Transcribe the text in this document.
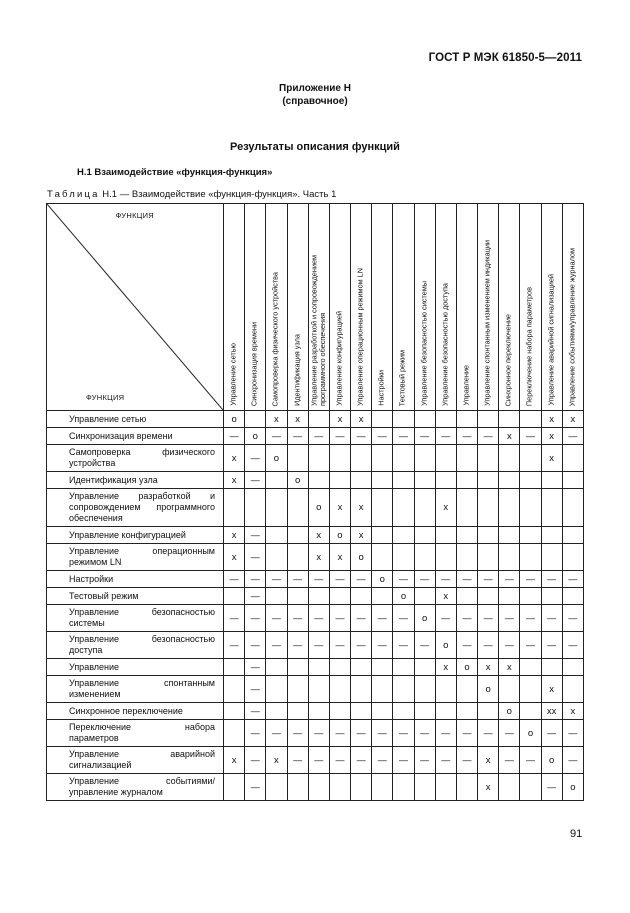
ГОСТ Р МЭК 61850-5—2011
Приложение Н
(справочное)
Результаты описания функций
Н.1 Взаимодействие «функция-функция»
Таблица Н.1 — Взаимодействие «функция-функция». Часть 1
ФУНКЦИЯ
ФУНКЦИЯ	Управление сетью	Синхронизация времени	Самопроверка физического устройства	Идентификация узла	Управление разработкой и сопровождением программного обеспечения	Управление конфигурацией	Управление операционным режимом LN	Настройки	Тестовый режим	Управление безопасностью системы	Управление безопасностью доступа	Управление	Управление спонтанным изменением индикации	Синхронное переключение	Переключение набора параметров	Управление аварийной сигнализацией	Управление событиями/управление журналом

Управление сетью	o		x	x		x	x									x	x
Синхронизация времени	—	o	—	—	—	—	—	—	—	—	—	—	—	x	—	x	—
Самопроверка физического устройства	x	—	o													x	
Идентификация узла	x	—		o													
Управление разработкой и сопровождением программного обеспечения					o	x	x				x						
Управление конфигурацией	x	—			x	o	x										
Управление операционным режимом LN	x	—			x	x	o										
Настройки	—	—	—	—	—	—	—	o	—	—	—	—	—	—	—	—	—
Тестовый режим		—							o		x						
Управление безопасностью системы	—	—	—	—	—	—	—	—	—	o	—	—	—	—	—	—	—
Управление безопасностью доступа	—	—	—	—	—	—	—	—	—	—	o	—	—	—	—	—	—
Управление		—									x	o	x	x			
Управление спонтанным изменением		—											o			x	
Синхронное переключение		—												o		xx	x
Переключение набора параметров		—	—	—	—	—	—	—	—	—	—	—	—	—	o	—	—
Управление аварийной сигнализацией	x	—	x	—	—	—	—	—	—	—	—	—	x	—	—	o	—
Управление событиями/управление журналом		—											x			—	o
91
